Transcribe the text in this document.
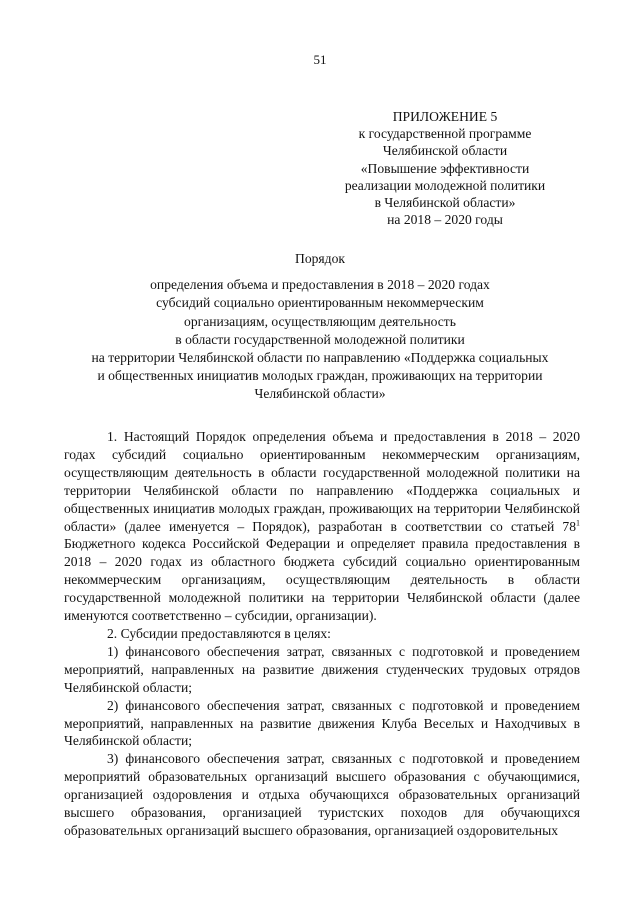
51
ПРИЛОЖЕНИЕ 5
к государственной программе
Челябинской области
«Повышение эффективности
реализации молодежной политики
в Челябинской области»
на 2018 – 2020 годы
Порядок
определения объема и предоставления в 2018 – 2020 годах
субсидий социально ориентированным некоммерческим
организациям, осуществляющим деятельность
в области государственной молодежной политики
на территории Челябинской области по направлению «Поддержка социальных
и общественных инициатив молодых граждан, проживающих на территории
Челябинской области»

1. Настоящий Порядок определения объема и предоставления в 2018 – 2020 годах субсидий социально ориентированным некоммерческим организациям, осуществляющим деятельность в области государственной молодежной политики на территории Челябинской области по направлению «Поддержка социальных и общественных инициатив молодых граждан, проживающих на территории Челябинской области» (далее именуется – Порядок), разработан в соответствии со статьей $78^1$ Бюджетного кодекса Российской Федерации и определяет правила предоставления в 2018 – 2020 годах из областного бюджета субсидий социально ориентированным некоммерческим организациям, осуществляющим деятельность в области государственной молодежной политики на территории Челябинской области (далее именуются соответственно – субсидии, организации).

2. Субсидии предоставляются в целях:

1) финансового обеспечения затрат, связанных с подготовкой и проведением мероприятий, направленных на развитие движения студенческих трудовых отрядов Челябинской области;

2) финансового обеспечения затрат, связанных с подготовкой и проведением мероприятий, направленных на развитие движения Клуба Веселых и Находчивых в Челябинской области;

3) финансового обеспечения затрат, связанных с подготовкой и проведением мероприятий образовательных организаций высшего образования с обучающимися, организацией оздоровления и отдыха обучающихся образовательных организаций высшего образования, организацией туристских походов для обучающихся образовательных организаций высшего образования, организацией оздоровительных
